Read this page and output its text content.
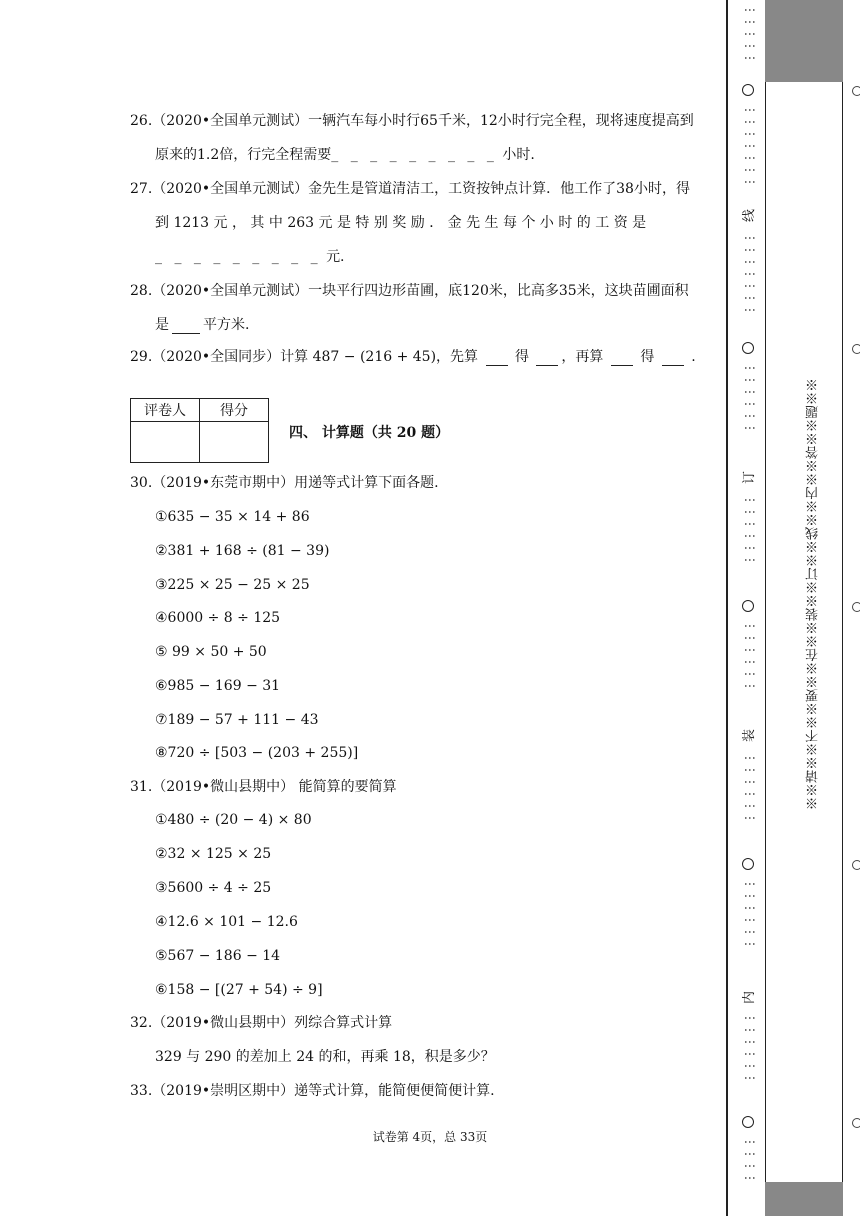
26.（2020•全国单元测试）一辆汽车每小时行65千米，12小时行完全程，现将速度提高到
原来的1.2倍，行完全程需要_ _ _ _ _ _ _ _ _ 小时.
27.（2020•全国单元测试）金先生是管道清洁工，工资按钟点计算．他工作了38小时，得
到 1213 元 ， 其 中 263 元 是 特 别 奖 励 ． 金 先 生 每 个 小 时 的 工 资 是
_ _ _ _ _ _ _ _ _ 元.
28.（2020•全国单元测试）一块平行四边形苗圃，底120米，比高多35米，这块苗圃面积
是 平方米.
29.（2020•全国同步）计算 487 − (216 + 45)，先算	得 ，再算	得	.
评卷人	得分

四、 计算题（共 20 题）
30.（2019•东莞市期中）用递等式计算下面各题.
①635 − 35 × 14 + 86
②381 + 168 ÷ (81 − 39)
③225 × 25 − 25 × 25
④6000 ÷ 8 ÷ 125
⑤ 99 × 50 + 50
⑥985 − 169 − 31
⑦189 − 57 + 111 − 43
⑧720 ÷ [503 − (203 + 255)]
31.（2019•微山县期中） 能简算的要简算
①480 ÷ (20 − 4) × 80
②32 × 125 × 25
③5600 ÷ 4 ÷ 25
④12.6 × 101 − 12.6
⑤567 − 186 − 14
⑥158 − [(27 + 54) ÷ 9]
32.（2019•微山县期中）列综合算式计算
329 与 290 的差加上 24 的和，再乘 18，积是多少？
33.（2019•崇明区期中）递等式计算，能简便便简便计算.
试卷第 4页，总 33页
※※请※※不※※要※※在※※装※※订※※线※※内※※答※※题※※
⋮⋮⋮⋮⋮
⋮⋮⋮⋮⋮⋮⋮
线
⋮⋮⋮⋮⋮⋮⋮
⋮⋮⋮⋮⋮⋮
订
⋮⋮⋮⋮⋮⋮
⋮⋮⋮⋮⋮⋮
装
⋮⋮⋮⋮⋮⋮
⋮⋮⋮⋮⋮⋮
内
⋮⋮⋮⋮⋮⋮
⋮⋮⋮⋮
